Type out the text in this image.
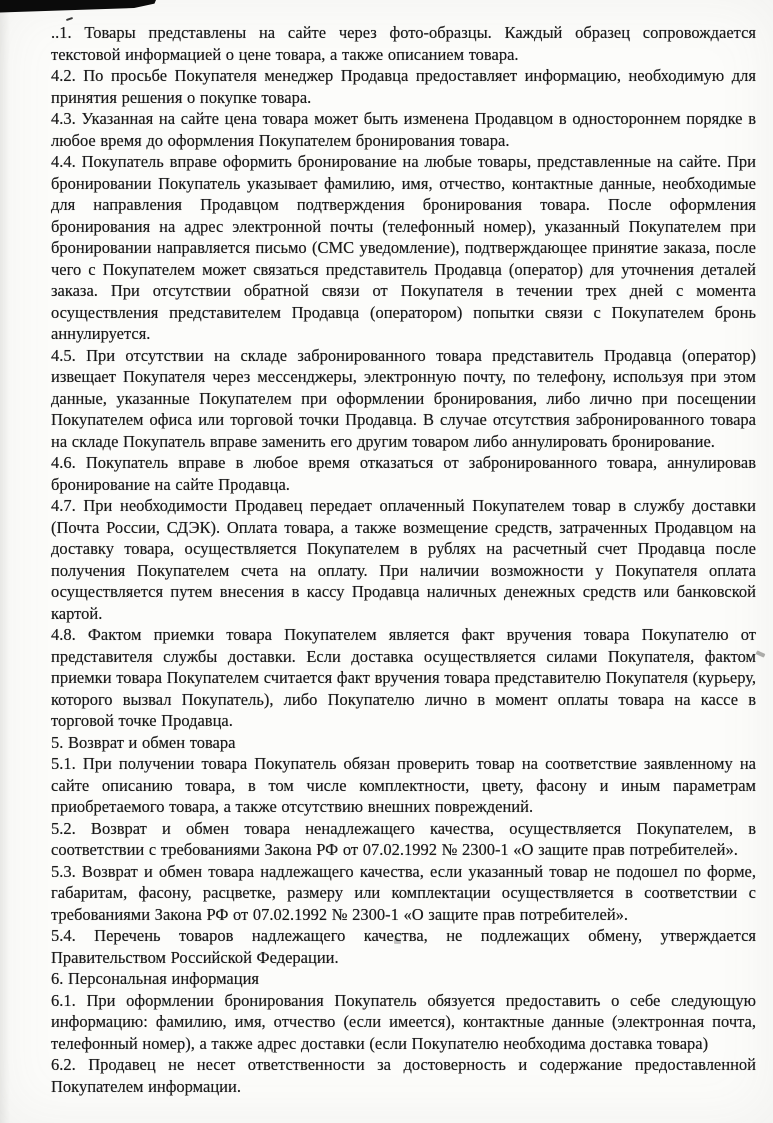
..1. Товары представлены на сайте через фото-образцы. Каждый образец сопровождается текстовой информацией о цене товара, а также описанием товара.

4.2. По просьбе Покупателя менеджер Продавца предоставляет информацию, необходимую для принятия решения о покупке товара.

4.3. Указанная на сайте цена товара может быть изменена Продавцом в одностороннем порядке в любое время до оформления Покупателем бронирования товара.

4.4. Покупатель вправе оформить бронирование на любые товары, представленные на сайте. При бронировании Покупатель указывает фамилию, имя, отчество, контактные данные, необходимые для направления Продавцом подтверждения бронирования товара. После оформления бронирования на адрес электронной почты (телефонный номер), указанный Покупателем при бронировании направляется письмо (СМС уведомление), подтверждающее принятие заказа, после чего с Покупателем может связаться представитель Продавца (оператор) для уточнения деталей заказа. При отсутствии обратной связи от Покупателя в течении трех дней с момента осуществления представителем Продавца (оператором) попытки связи с Покупателем бронь аннулируется.

4.5. При отсутствии на складе забронированного товара представитель Продавца (оператор) извещает Покупателя через мессенджеры, электронную почту, по телефону, используя при этом данные, указанные Покупателем при оформлении бронирования, либо лично при посещении Покупателем офиса или торговой точки Продавца. В случае отсутствия забронированного товара на складе Покупатель вправе заменить его другим товаром либо аннулировать бронирование.

4.6. Покупатель вправе в любое время отказаться от забронированного товара, аннулировав бронирование на сайте Продавца.

4.7. При необходимости Продавец передает оплаченный Покупателем товар в службу доставки (Почта России, СДЭК). Оплата товара, а также возмещение средств, затраченных Продавцом на доставку товара, осуществляется Покупателем в рублях на расчетный счет Продавца после получения Покупателем счета на оплату. При наличии возможности у Покупателя оплата осуществляется путем внесения в кассу Продавца наличных денежных средств или банковской картой.

4.8. Фактом приемки товара Покупателем является факт вручения товара Покупателю от представителя службы доставки. Если доставка осуществляется силами Покупателя, фактом приемки товара Покупателем считается факт вручения товара представителю Покупателя (курьеру, которого вызвал Покупатель), либо Покупателю лично в момент оплаты товара на кассе в торговой точке Продавца.

5. Возврат и обмен товара

5.1. При получении товара Покупатель обязан проверить товар на соответствие заявленному на сайте описанию товара, в том числе комплектности, цвету, фасону и иным параметрам приобретаемого товара, а также отсутствию внешних повреждений.

5.2. Возврат и обмен товара ненадлежащего качества, осуществляется Покупателем, в соответствии с требованиями Закона РФ от 07.02.1992 № 2300-1 «О защите прав потребителей».

5.3. Возврат и обмен товара надлежащего качества, если указанный товар не подошел по форме, габаритам, фасону, расцветке, размеру или комплектации осуществляется в соответствии с требованиями Закона РФ от 07.02.1992 № 2300-1 «О защите прав потребителей».

5.4. Перечень товаров надлежащего качества, не подлежащих обмену, утверждается Правительством Российской Федерации.

6. Персональная информация

6.1. При оформлении бронирования Покупатель обязуется предоставить о себе следующую информацию: фамилию, имя, отчество (если имеется), контактные данные (электронная почта, телефонный номер), а также адрес доставки (если Покупателю необходима доставка товара)

6.2. Продавец не несет ответственности за достоверность и содержание предоставленной Покупателем информации.
